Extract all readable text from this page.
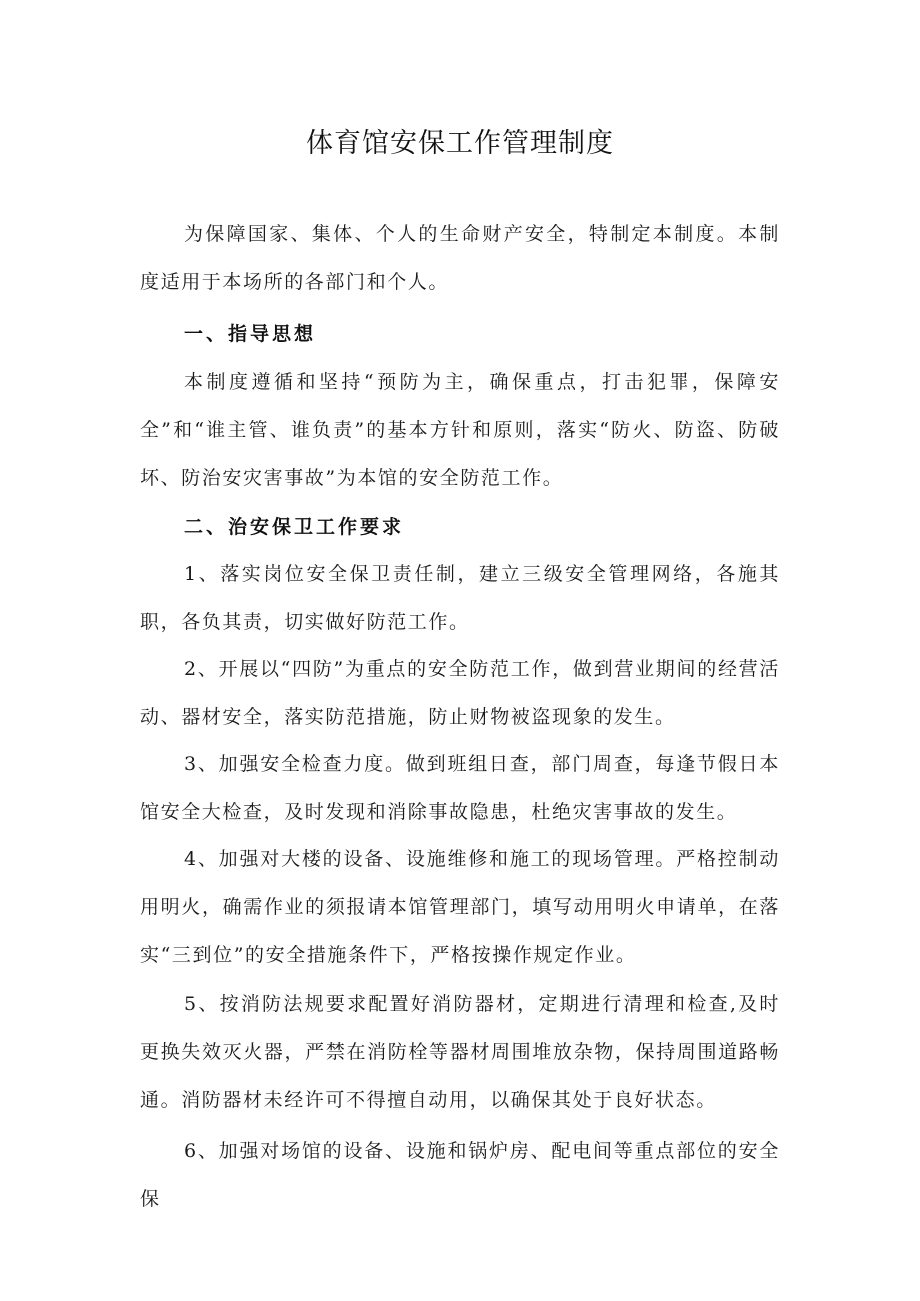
体育馆安保工作管理制度

为保障国家、集体、个人的生命财产安全，特制定本制度。本制度适用于本场所的各部门和个人。

一、指导思想

本制度遵循和坚持“预防为主，确保重点，打击犯罪，保障安全”和“谁主管、谁负责”的基本方针和原则，落实“防火、防盗、防破坏、防治安灾害事故”为本馆的安全防范工作。

二、治安保卫工作要求

1、落实岗位安全保卫责任制，建立三级安全管理网络，各施其职，各负其责，切实做好防范工作。

2、开展以“四防”为重点的安全防范工作，做到营业期间的经营活动、器材安全，落实防范措施，防止财物被盗现象的发生。

3、加强安全检查力度。做到班组日查，部门周查，每逢节假日本馆安全大检查，及时发现和消除事故隐患，杜绝灾害事故的发生。

4、加强对大楼的设备、设施维修和施工的现场管理。严格控制动用明火，确需作业的须报请本馆管理部门，填写动用明火申请单，在落实“三到位”的安全措施条件下，严格按操作规定作业。

5、按消防法规要求配置好消防器材，定期进行清理和检查,及时更换失效灭火器，严禁在消防栓等器材周围堆放杂物，保持周围道路畅通。消防器材未经许可不得擅自动用，以确保其处于良好状态。

6、加强对场馆的设备、设施和锅炉房、配电间等重点部位的安全保
